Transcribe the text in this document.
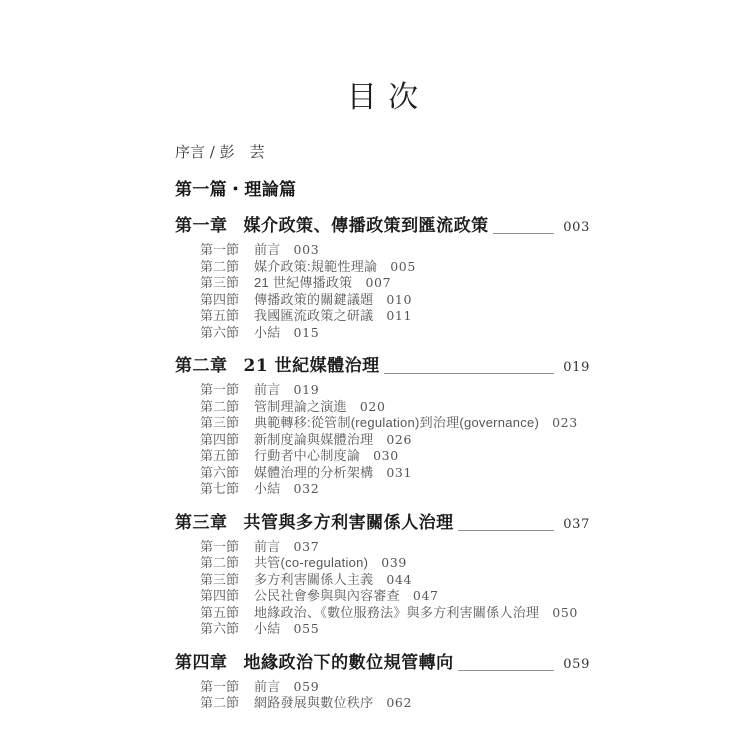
目次
序言 / 彭　芸
第一篇・理論篇
第一章 媒介政策、傳播政策到匯流政策	003
第一節 前言 003
第二節 媒介政策:規範性理論 005
第三節 21 世紀傳播政策 007
第四節 傳播政策的關鍵議題 010
第五節 我國匯流政策之研議 011
第六節 小結 015
第二章 21 世紀媒體治理	019
第一節 前言 019
第二節 管制理論之演進 020
第三節 典範轉移:從管制(regulation)到治理(governance) 023
第四節 新制度論與媒體治理 026
第五節 行動者中心制度論 030
第六節 媒體治理的分析架構 031
第七節 小結 032
第三章 共管與多方利害關係人治理	037
第一節 前言 037
第二節 共管(co-regulation) 039
第三節 多方利害關係人主義 044
第四節 公民社會參與與內容審查 047
第五節 地緣政治、《數位服務法》與多方利害關係人治理 050
第六節 小結 055
第四章 地緣政治下的數位規管轉向	059
第一節 前言 059
第二節 網路發展與數位秩序 062
